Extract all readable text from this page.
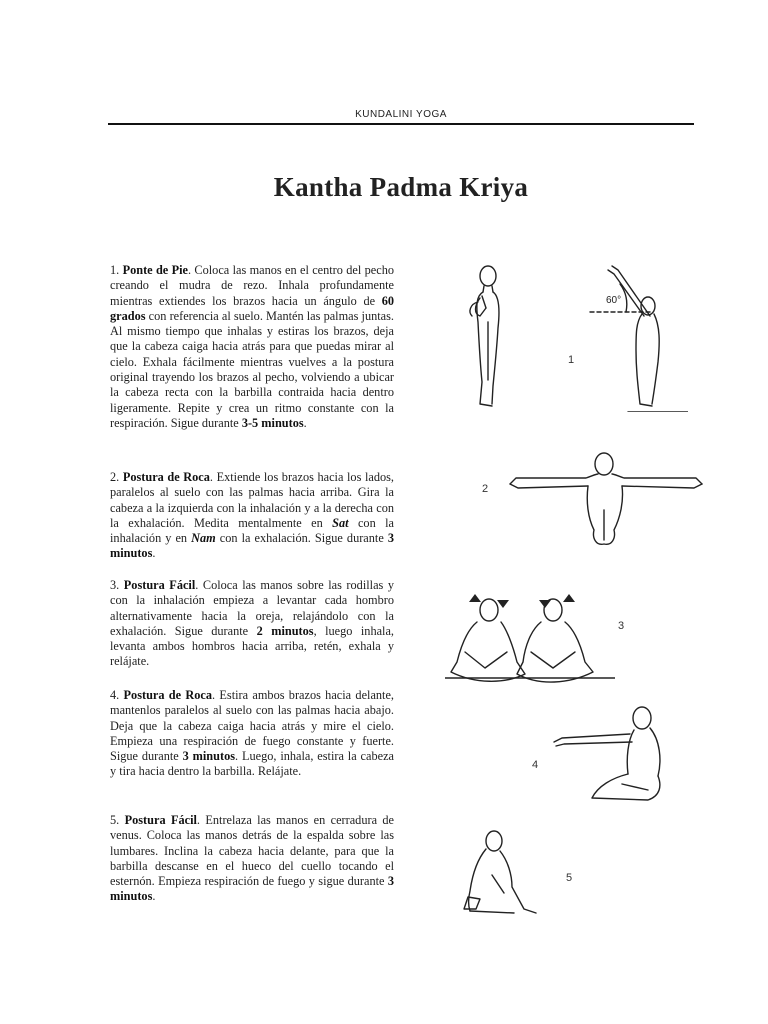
KUNDALINI YOGA
Kantha Padma Kriya
1. Ponte de Pie. Coloca las manos en el centro del pecho creando el mudra de rezo. Inhala profundamente mientras extiendes los brazos hacia un ángulo de 60 grados con referencia al suelo. Mantén las palmas juntas. Al mismo tiempo que inhalas y estiras los brazos, deja que la cabeza caiga hacia atrás para que puedas mirar al cielo. Exhala fácilmente mientras vuelves a la postura original trayendo los brazos al pecho, volviendo a ubicar la cabeza recta con la barbilla contraida hacia dentro ligeramente. Repite y crea un ritmo constante con la respiración. Sigue durante 3-5 minutos.
2. Postura de Roca. Extiende los brazos hacia los lados, paralelos al suelo con las palmas hacia arriba. Gira la cabeza a la izquierda con la inhalación y a la derecha con la exhalación. Medita mentalmente en Sat con la inhalación y en Nam con la exhalación. Sigue durante 3 minutos.
3. Postura Fácil. Coloca las manos sobre las rodillas y con la inhalación empieza a levantar cada hombro alternativamente hacia la oreja, relajándolo con la exhalación. Sigue durante 2 minutos, luego inhala, levanta ambos hombros hacia arriba, retén, exhala y relájate.
4. Postura de Roca. Estira ambos brazos hacia delante, mantenlos paralelos al suelo con las palmas hacia abajo. Deja que la cabeza caiga hacia atrás y mire el cielo. Empieza una respiración de fuego constante y fuerte. Sigue durante 3 minutos. Luego, inhala, estira la cabeza y tira hacia dentro la barbilla. Relájate.
5. Postura Fácil. Entrelaza las manos en cerradura de venus. Coloca las manos detrás de la espalda sobre las lumbares. Inclina la cabeza hacia delante, para que la barbilla descanse en el hueco del cuello tocando el esternón. Empieza respiración de fuego y sigue durante 3 minutos.
1
2
3
4
5
60°
